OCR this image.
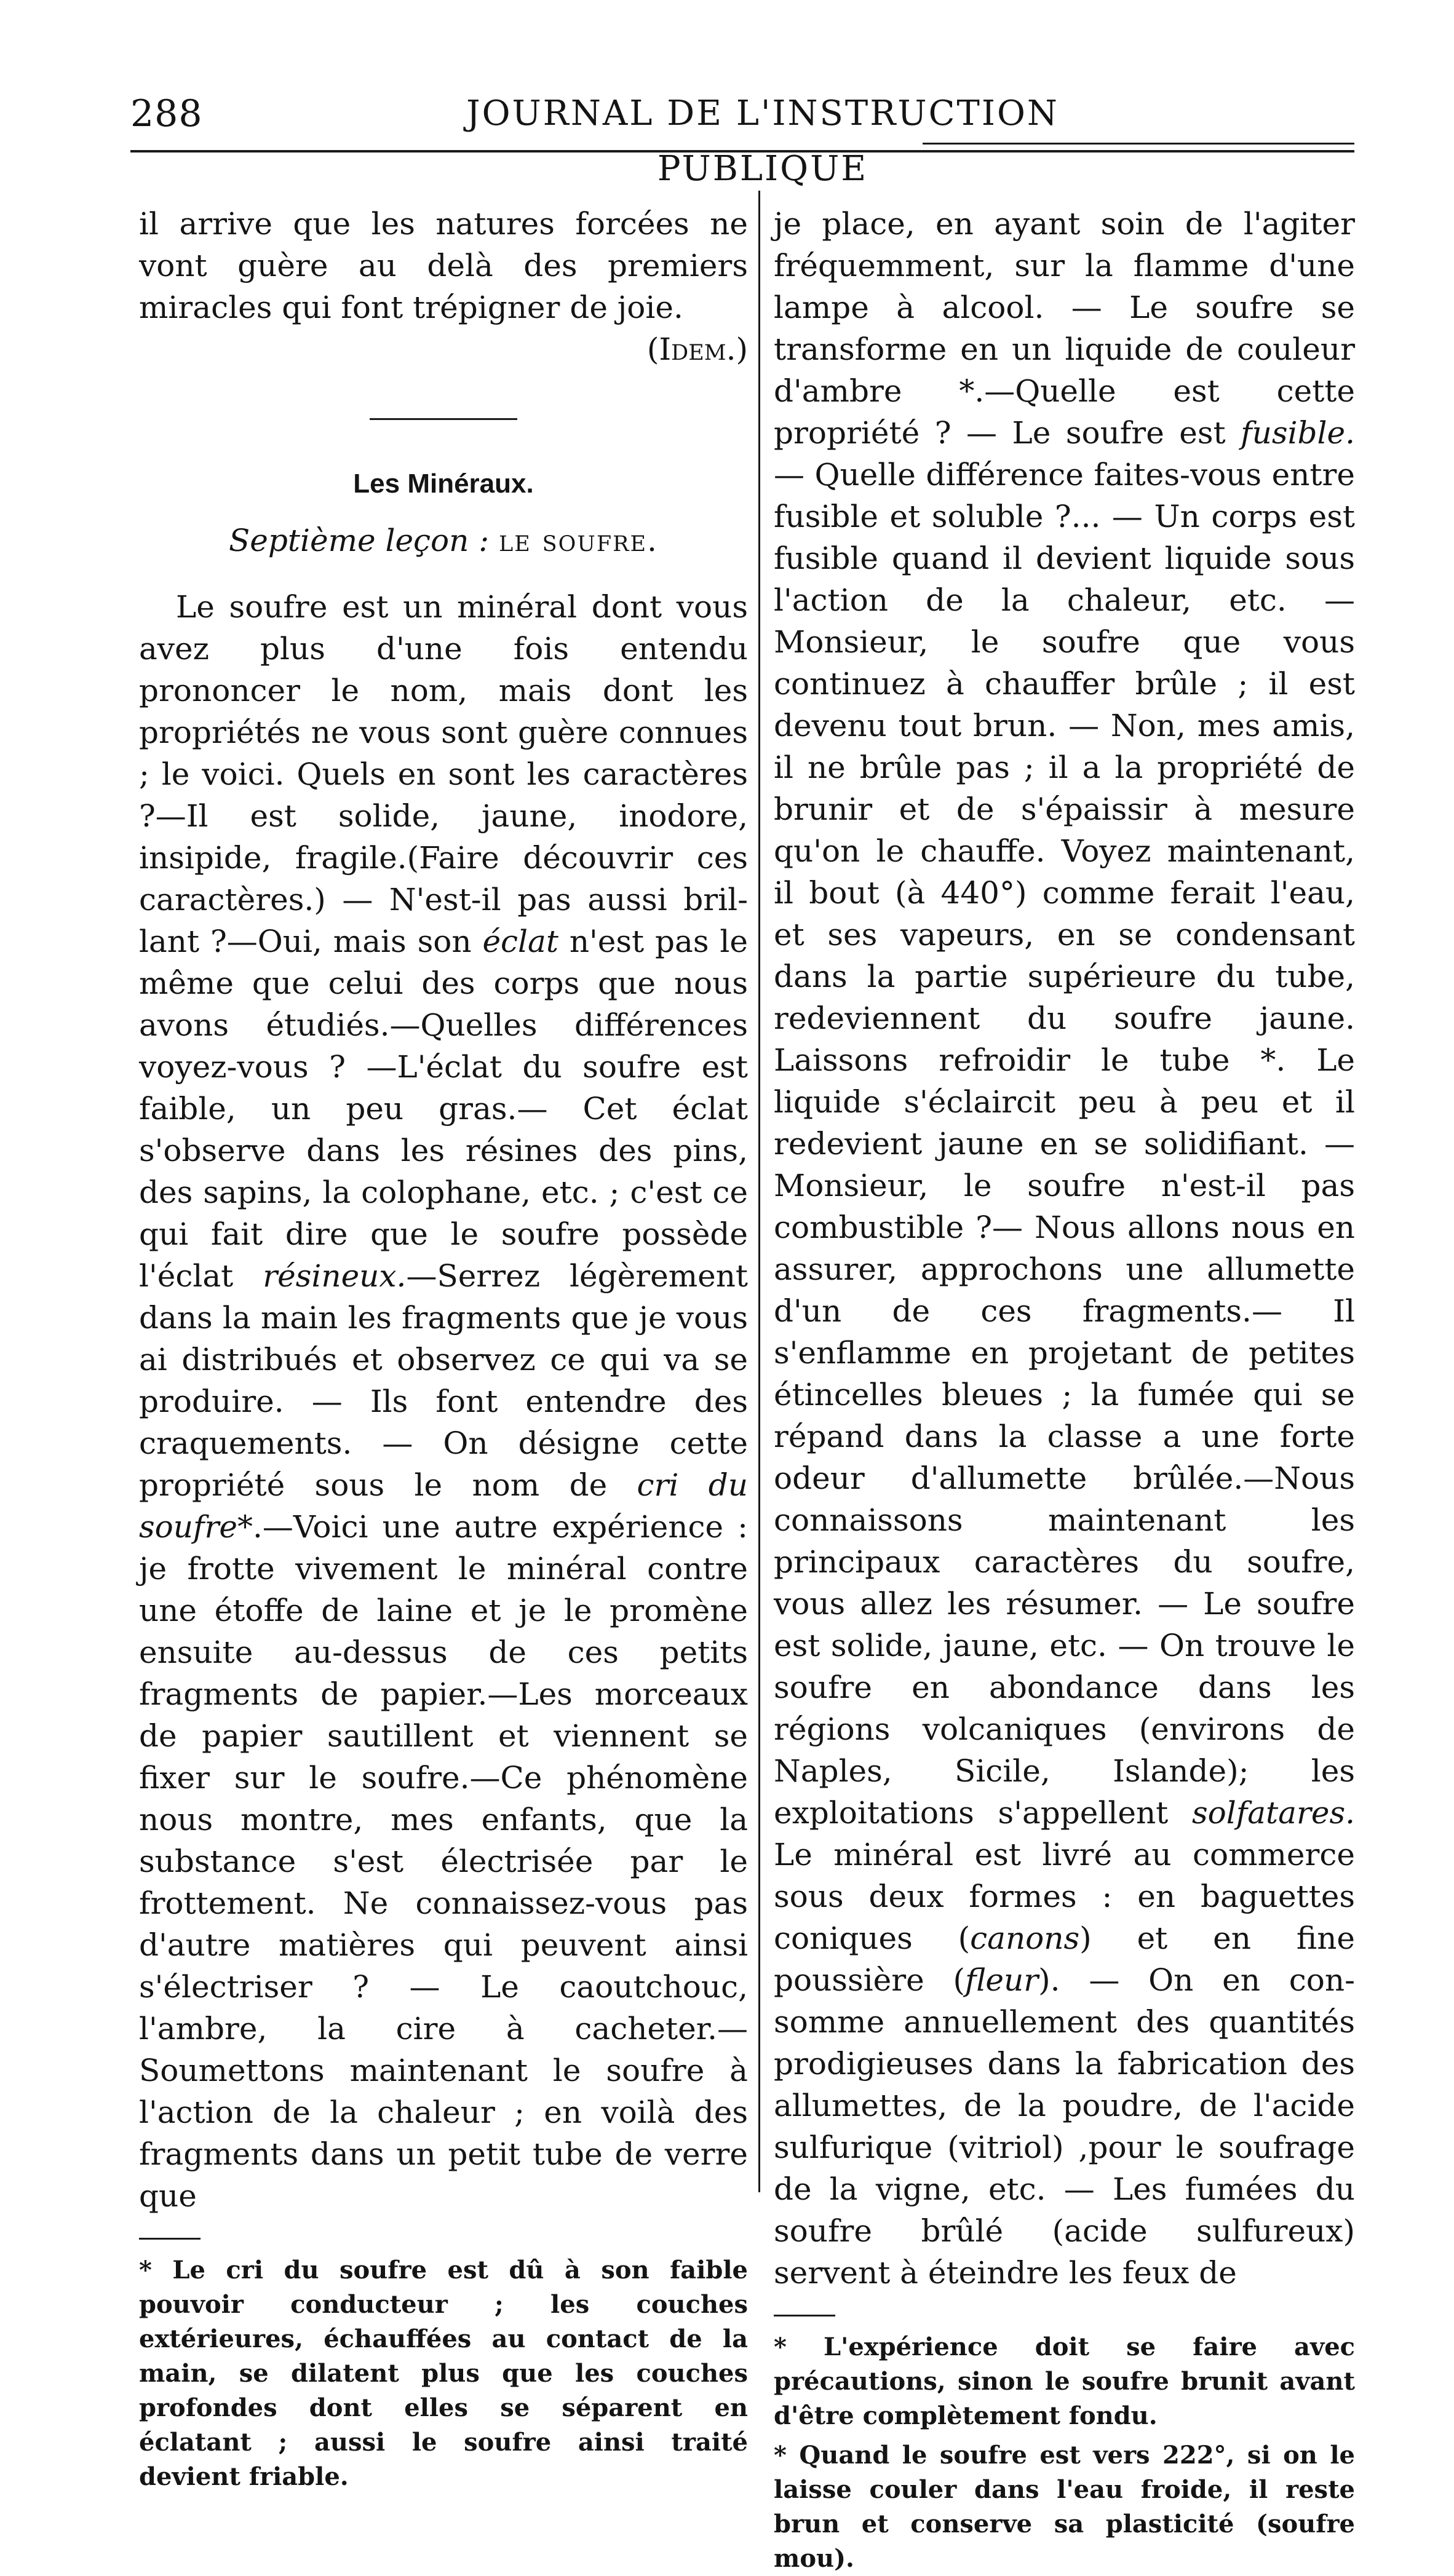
288	JOURNAL DE L'INSTRUCTION PUBLIQUE

il arrive que les natures forcées ne vont guère au delà des premiers miracles qui font trépigner de joie.

(Idem.)

Les Minéraux.
Septième leçon : le soufre.

Le soufre est un minéral dont vous avez plus d'une fois entendu prononcer le nom, mais dont les propriétés ne vous sont guère connues ; le voici. Quels en sont les caractères ?—Il est solide, jaune, inodore, insipide, fragile.(Faire découvrir ces caractères.) — N'est-il pas aussi brillant ?—Oui, mais son éclat n'est pas le même que celui des corps que nous avons étudiés.—Quelles différences voyez-vous ? —L'éclat du soufre est faible, un peu gras.— Cet éclat s'observe dans les résines des pins, des sapins, la colophane, etc. ; c'est ce qui fait dire que le soufre possède l'éclat résineux.—Serrez légèrement dans la main les fragments que je vous ai distribués et observez ce qui va se produire. — Ils font entendre des craquements. — On désigne cette propriété sous le nom de cri du soufre*.—Voici une autre expérience : je frotte vivement le minéral contre une étoffe de laine et je le promène ensuite au-dessus de ces petits fragments de papier.—Les morceaux de papier sautillent et viennent se fixer sur le soufre.—Ce phénomène nous montre, mes enfants, que la substance s'est électrisée par le frottement. Ne connaissez-vous pas d'autre matières qui peuvent ainsi s'électriser ? — Le caoutchouc, l'ambre, la cire à cacheter.— Soumettons maintenant le soufre à l'action de la chaleur ; en voilà des fragments dans un petit tube de verre que

* Le cri du soufre est dû à son faible pouvoir conducteur ; les couches extérieures, échauffées au contact de la main, se dilatent plus que les couches profondes dont elles se séparent en éclatant ; aussi le soufre ainsi traité devient friable.

je place, en ayant soin de l'agiter fréquemment, sur la flamme d'une lampe à alcool. — Le soufre se transforme en un liquide de couleur d'ambre *.—Quelle est cette propriété ? — Le soufre est fusible. — Quelle différence faites-vous entre fusible et soluble ?... — Un corps est fusible quand il devient liquide sous l'action de la chaleur, etc. — Monsieur, le soufre que vous continuez à chauffer brûle ; il est devenu tout brun. — Non, mes amis, il ne brûle pas ; il a la propriété de brunir et de s'épaissir à mesure qu'on le chauffe. Voyez maintenant, il bout (à 440°) comme ferait l'eau, et ses vapeurs, en se condensant dans la partie supérieure du tube, redeviennent du soufre jaune. Laissons refroidir le tube *. Le liquide s'éclaircit peu à peu et il redevient jaune en se solidifiant. — Monsieur, le soufre n'est-il pas combustible ?— Nous allons nous en assurer, approchons une allumette d'un de ces fragments.— Il s'enflamme en projetant de petites étincelles bleues ; la fumée qui se répand dans la classe a une forte odeur d'allumette brûlée.—Nous connaissons maintenant les principaux caractères du soufre, vous allez les résumer. — Le soufre est solide, jaune, etc. — On trouve le soufre en abondance dans les régions volcaniques (environs de Naples, Sicile, Islande); les exploitations s'appellent solfatares. Le minéral est livré au commerce sous deux formes : en baguettes coniques (canons) et en fine poussière (fleur). — On en consomme annuellement des quantités prodigieuses dans la fabrication des allumettes, de la poudre, de l'acide sulfurique (vitriol) ,pour le soufrage de la vigne, etc. — Les fumées du soufre brûlé (acide sulfureux) servent à éteindre les feux de

* L'expérience doit se faire avec précautions, sinon le soufre brunit avant d'être complètement fondu.

* Quand le soufre est vers 222°, si on le laisse couler dans l'eau froide, il reste brun et conserve sa plasticité (soufre mou).
